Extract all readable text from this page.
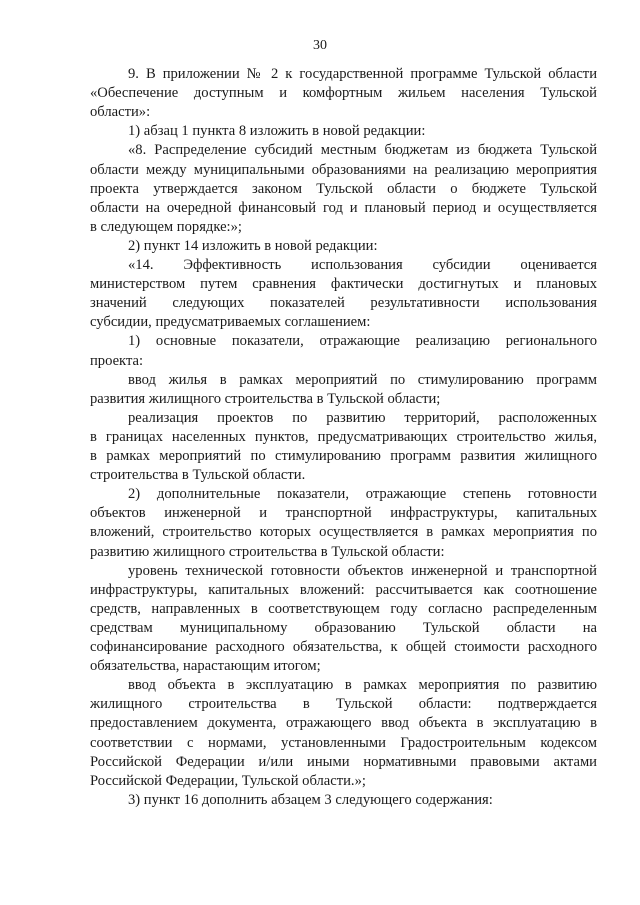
30
9. В приложении № 2 к государственной программе Тульской области
«Обеспечение доступным и комфортным жильем населения Тульской
области»:
1) абзац 1 пункта 8 изложить в новой редакции:
«8. Распределение субсидий местным бюджетам из бюджета Тульской
области между муниципальными образованиями на реализацию мероприятия
проекта утверждается законом Тульской области о бюджете Тульской
области на очередной финансовый год и плановый период и осуществляется
в следующем порядке:»;
2) пункт 14 изложить в новой редакции:
«14. Эффективность использования субсидии оценивается
министерством путем сравнения фактически достигнутых и плановых
значений следующих показателей результативности использования
субсидии, предусматриваемых соглашением:
1) основные показатели, отражающие реализацию регионального
проекта:
ввод жилья в рамках мероприятий по стимулированию программ
развития жилищного строительства в Тульской области;
реализация проектов по развитию территорий, расположенных
в границах населенных пунктов, предусматривающих строительство жилья,
в рамках мероприятий по стимулированию программ развития жилищного
строительства в Тульской области.
2) дополнительные показатели, отражающие степень готовности
объектов инженерной и транспортной инфраструктуры, капитальных
вложений, строительство которых осуществляется в рамках мероприятия по
развитию жилищного строительства в Тульской области:
уровень технической готовности объектов инженерной и транспортной
инфраструктуры, капитальных вложений: рассчитывается как соотношение
средств, направленных в соответствующем году согласно распределенным
средствам муниципальному образованию Тульской области на
софинансирование расходного обязательства, к общей стоимости расходного
обязательства, нарастающим итогом;
ввод объекта в эксплуатацию в рамках мероприятия по развитию
жилищного строительства в Тульской области: подтверждается
предоставлением документа, отражающего ввод объекта в эксплуатацию в
соответствии с нормами, установленными Градостроительным кодексом
Российской Федерации и/или иными нормативными правовыми актами
Российской Федерации, Тульской области.»;
3) пункт 16 дополнить абзацем 3 следующего содержания:
